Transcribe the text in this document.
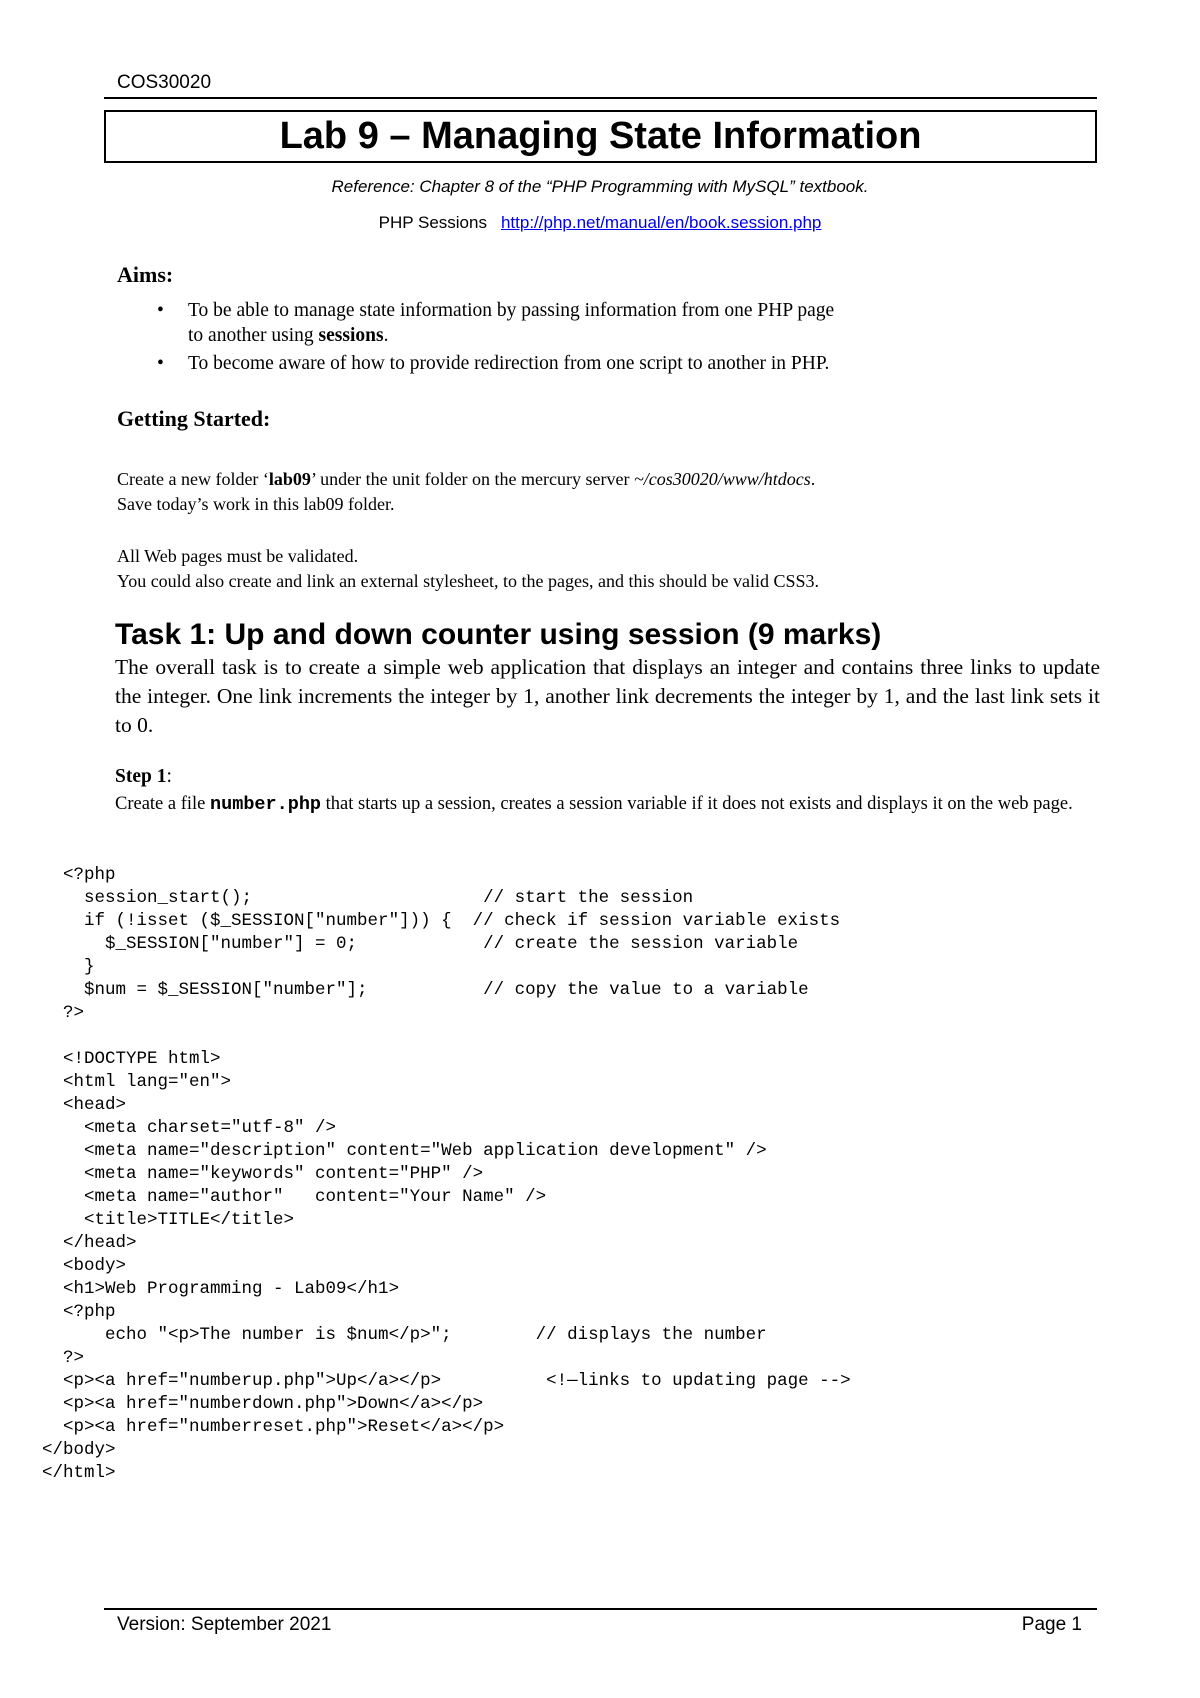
COS30020
Lab 9 – Managing State Information
Reference: Chapter 8 of the “PHP Programming with MySQL” textbook.
PHP Sessions http://php.net/manual/en/book.session.php
Aims:
• To be able to manage state information by passing information from one PHP page
to another using sessions.
• To become aware of how to provide redirection from one script to another in PHP.
Getting Started:
Create a new folder ‘lab09’ under the unit folder on the mercury server ~/cos30020/www/htdocs.
Save today’s work in this lab09 folder.
All Web pages must be validated.
You could also create and link an external stylesheet, to the pages, and this should be valid CSS3.
Task 1: Up and down counter using session (9 marks)
The overall task is to create a simple web application that displays an integer and contains three links to update the integer. One link increments the integer by 1, another link decrements the integer by 1, and the last link sets it to 0.
Step 1:
Create a file number.php that starts up a session, creates a session variable if it does not exists and displays it on the web page.
<?php
session_start();                      // start the session
if (!isset ($_SESSION["number"])) {  // check if session variable exists
$_SESSION["number"] = 0;            // create the session variable
}
$num = $_SESSION["number"];           // copy the value to a variable
?>
<!DOCTYPE html>
<html lang="en">
<head>
<meta charset="utf-8" />
<meta name="description" content="Web application development" />
<meta name="keywords" content="PHP" />
<meta name="author"   content="Your Name" />
<title>TITLE</title>
</head>
<body>
<h1>Web Programming - Lab09</h1>
<?php
echo "<p>The number is $num</p>";        // displays the number
?>
<p><a href="numberup.php">Up</a></p>          <!—links to updating page -->
<p><a href="numberdown.php">Down</a></p>
<p><a href="numberreset.php">Reset</a></p>
</body>
</html>
Version: September 2021	Page 1
